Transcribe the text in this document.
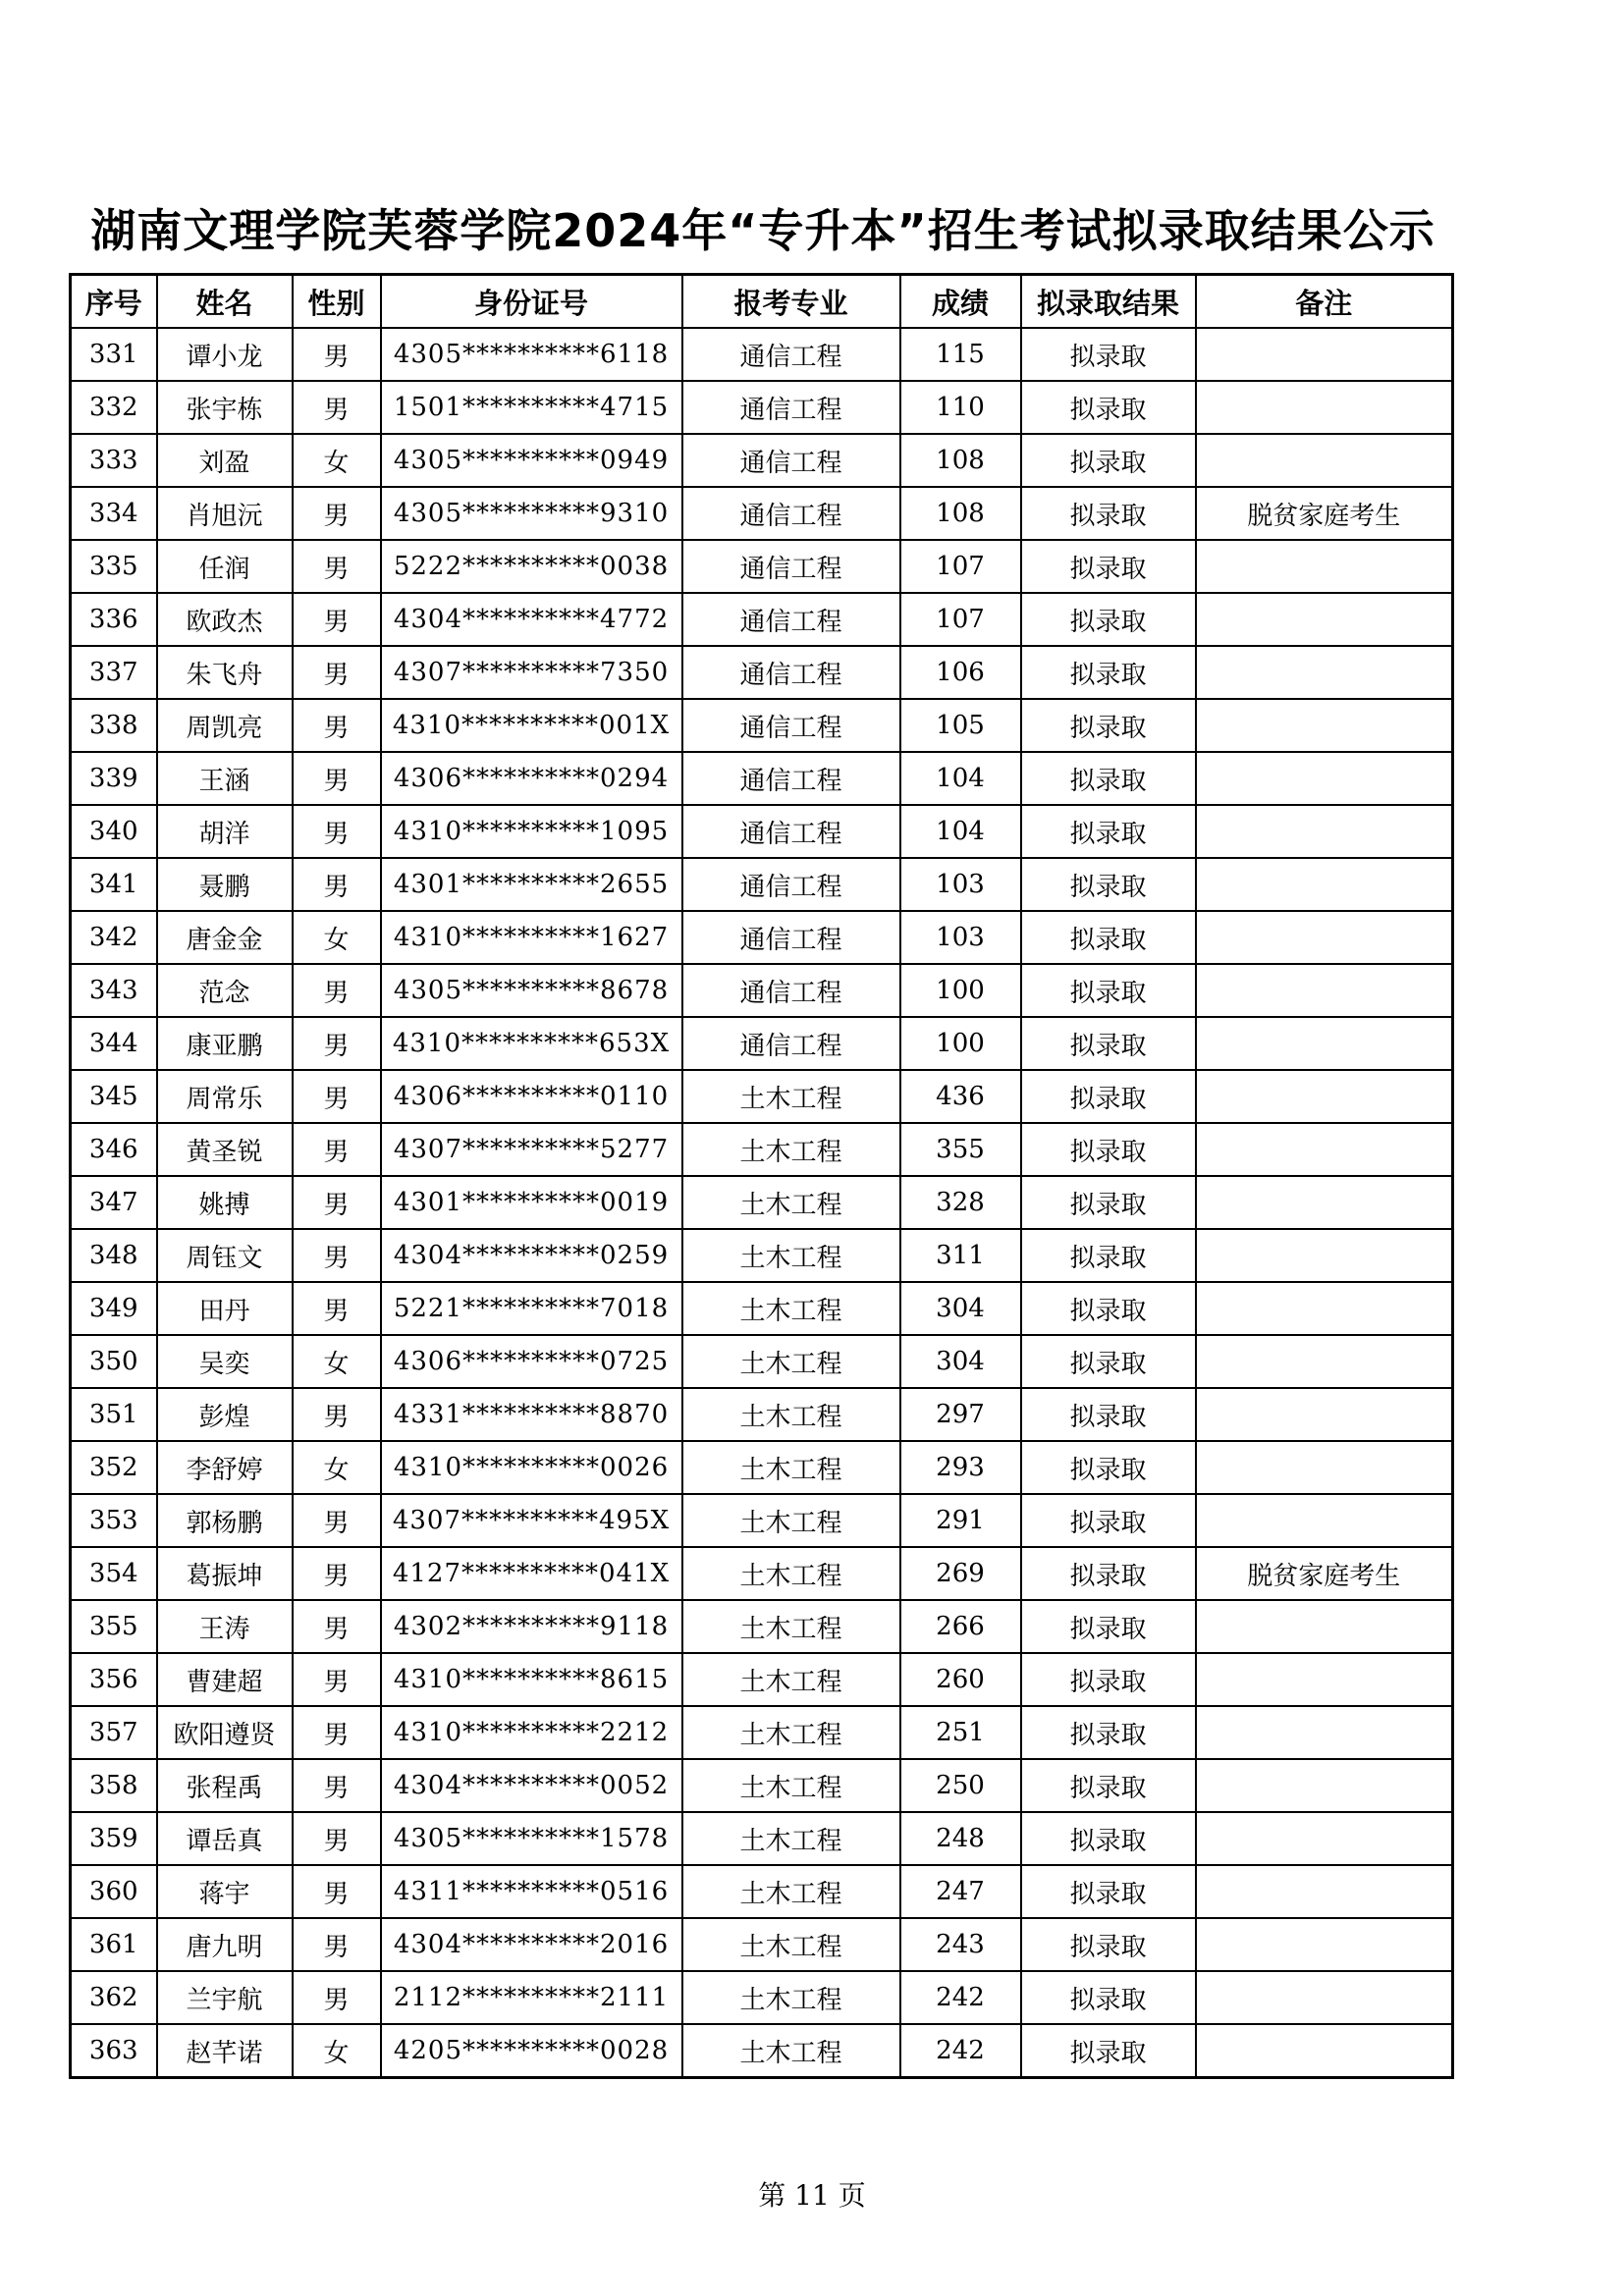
湖南文理学院芙蓉学院2024年“专升本”招生考试拟录取结果公示
序号	姓名	性别	身份证号	报考专业	成绩	拟录取结果	备注
331	谭小龙	男	4305**********6118	通信工程	115	拟录取	
332	张宇栋	男	1501**********4715	通信工程	110	拟录取	
333	刘盈	女	4305**********0949	通信工程	108	拟录取	
334	肖旭沅	男	4305**********9310	通信工程	108	拟录取	脱贫家庭考生
335	任润	男	5222**********0038	通信工程	107	拟录取	
336	欧政杰	男	4304**********4772	通信工程	107	拟录取	
337	朱飞舟	男	4307**********7350	通信工程	106	拟录取	
338	周凯亮	男	4310**********001X	通信工程	105	拟录取	
339	王涵	男	4306**********0294	通信工程	104	拟录取	
340	胡洋	男	4310**********1095	通信工程	104	拟录取	
341	聂鹏	男	4301**********2655	通信工程	103	拟录取	
342	唐金金	女	4310**********1627	通信工程	103	拟录取	
343	范念	男	4305**********8678	通信工程	100	拟录取	
344	康亚鹏	男	4310**********653X	通信工程	100	拟录取	
345	周常乐	男	4306**********0110	土木工程	436	拟录取	
346	黄圣锐	男	4307**********5277	土木工程	355	拟录取	
347	姚搏	男	4301**********0019	土木工程	328	拟录取	
348	周钰文	男	4304**********0259	土木工程	311	拟录取	
349	田丹	男	5221**********7018	土木工程	304	拟录取	
350	吴奕	女	4306**********0725	土木工程	304	拟录取	
351	彭煌	男	4331**********8870	土木工程	297	拟录取	
352	李舒婷	女	4310**********0026	土木工程	293	拟录取	
353	郭杨鹏	男	4307**********495X	土木工程	291	拟录取	
354	葛振坤	男	4127**********041X	土木工程	269	拟录取	脱贫家庭考生
355	王涛	男	4302**********9118	土木工程	266	拟录取	
356	曹建超	男	4310**********8615	土木工程	260	拟录取	
357	欧阳遵贤	男	4310**********2212	土木工程	251	拟录取	
358	张程禹	男	4304**********0052	土木工程	250	拟录取	
359	谭岳真	男	4305**********1578	土木工程	248	拟录取	
360	蒋宇	男	4311**********0516	土木工程	247	拟录取	
361	唐九明	男	4304**********2016	土木工程	243	拟录取	
362	兰宇航	男	2112**********2111	土木工程	242	拟录取	
363	赵芊诺	女	4205**********0028	土木工程	242	拟录取	
第 11 页
